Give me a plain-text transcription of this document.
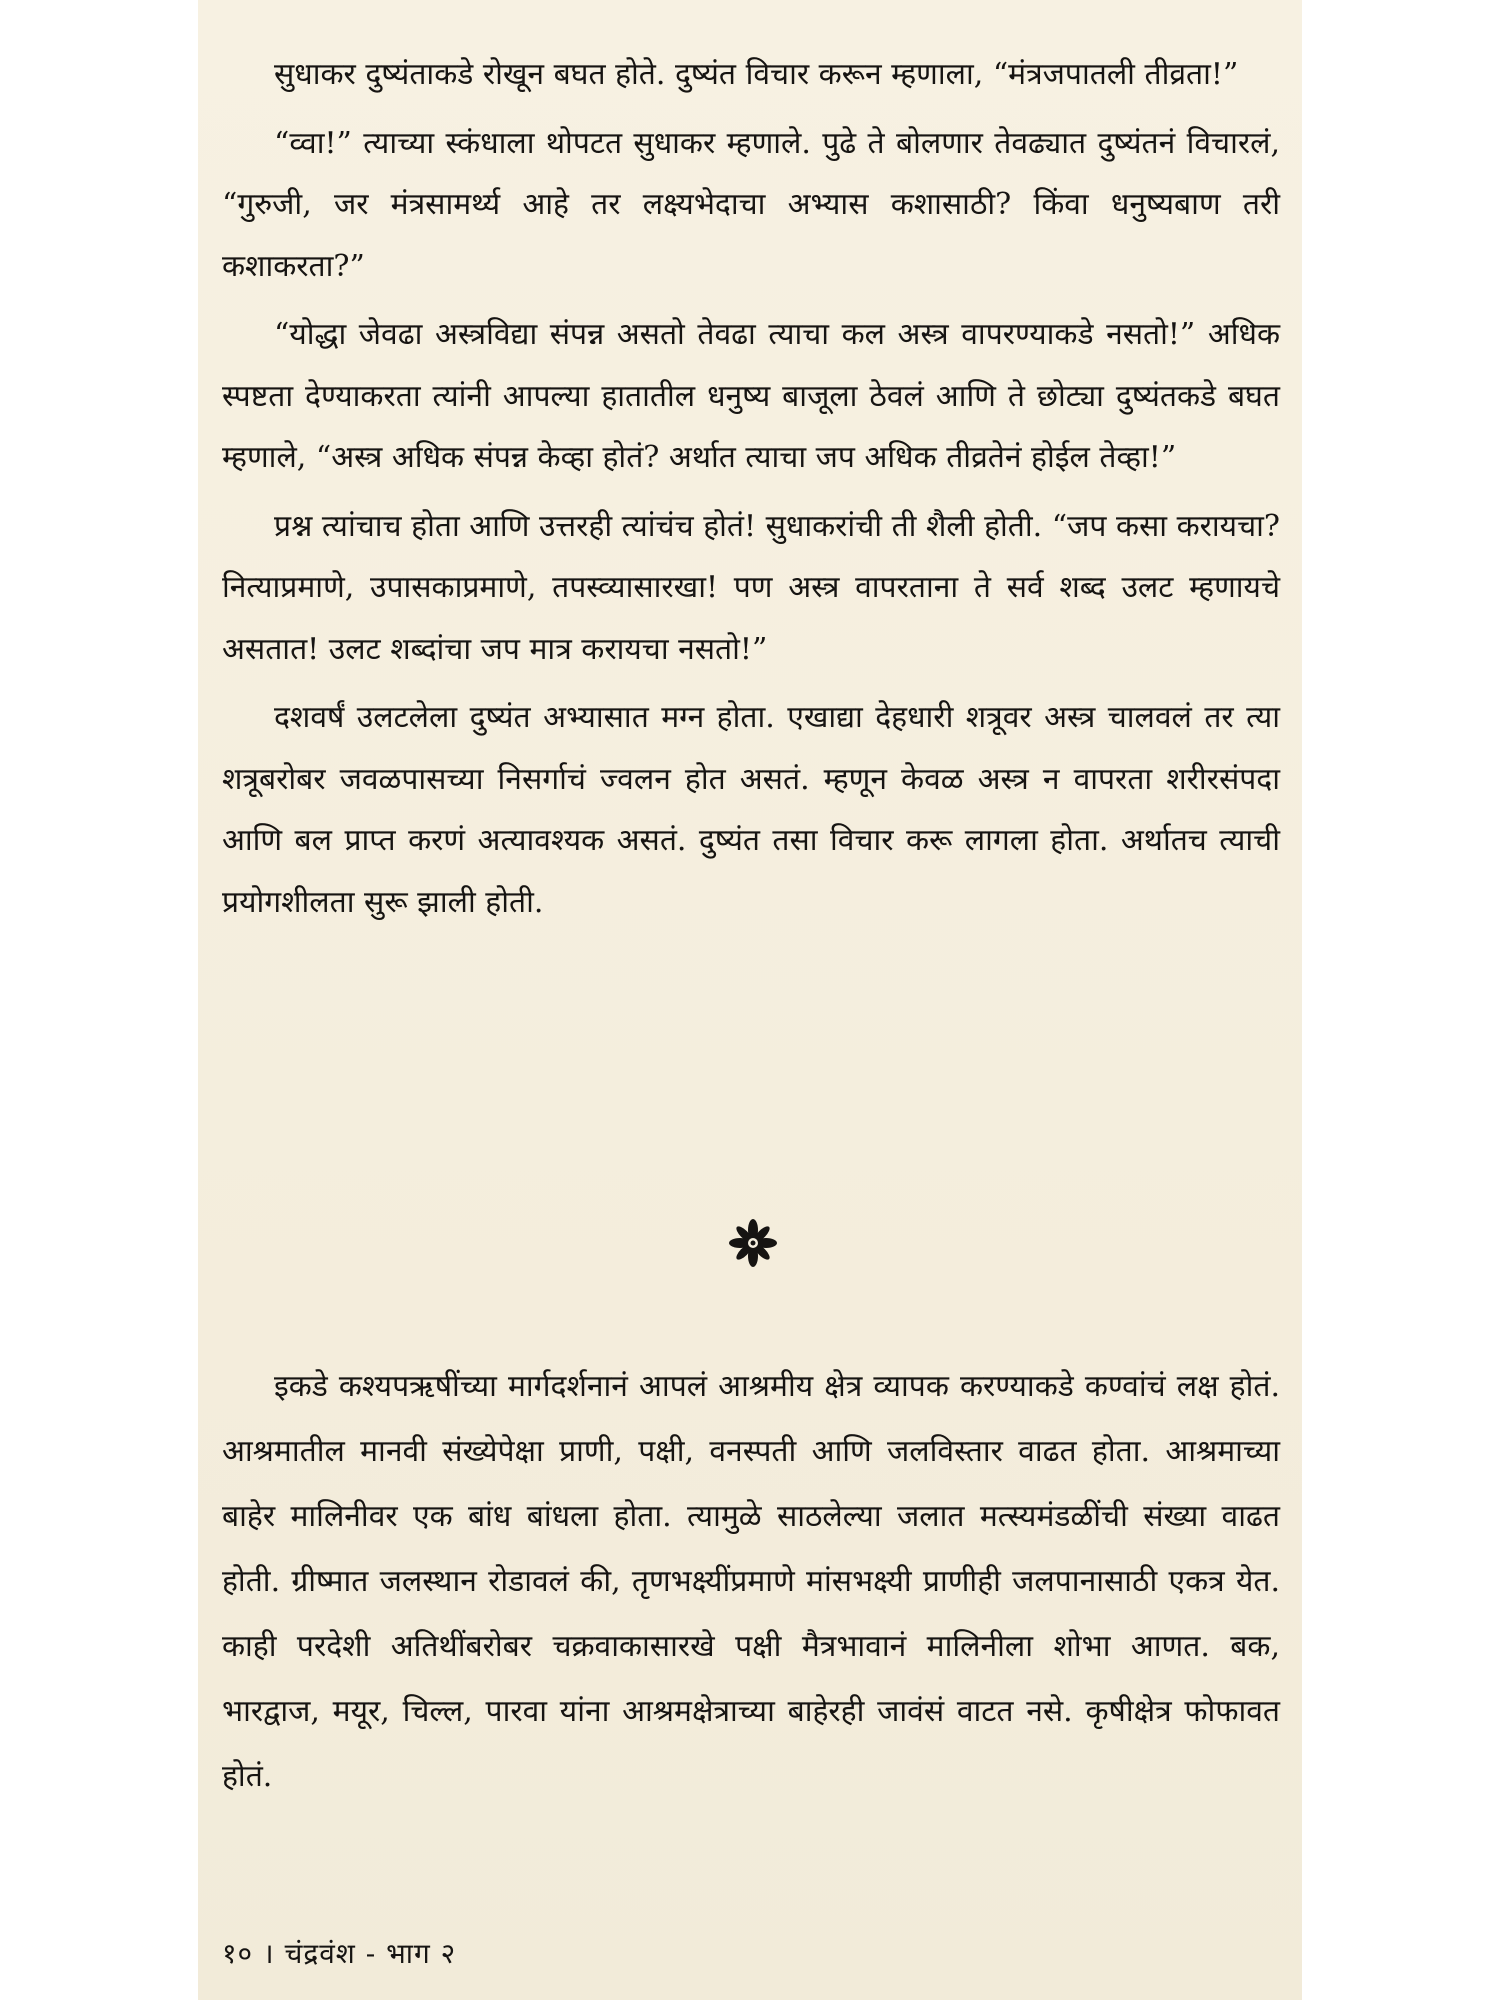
सुधाकर दुष्यंताकडे रोखून बघत होते. दुष्यंत विचार करून म्हणाला, “मंत्रजपातली तीव्रता!”

“व्वा!” त्याच्या स्कंधाला थोपटत सुधाकर म्हणाले. पुढे ते बोलणार तेवढ्यात दुष्यंतनं विचारलं, “गुरुजी, जर मंत्रसामर्थ्य आहे तर लक्ष्यभेदाचा अभ्यास कशासाठी? किंवा धनुष्यबाण तरी कशाकरता?”

“योद्धा जेवढा अस्त्रविद्या संपन्न असतो तेवढा त्याचा कल अस्त्र वापरण्याकडे नसतो!” अधिक स्पष्टता देण्याकरता त्यांनी आपल्या हातातील धनुष्य बाजूला ठेवलं आणि ते छोट्या दुष्यंतकडे बघत म्हणाले, “अस्त्र अधिक संपन्न केव्हा होतं? अर्थात त्याचा जप अधिक तीव्रतेनं होईल तेव्हा!”

प्रश्न त्यांचाच होता आणि उत्तरही त्यांचंच होतं! सुधाकरांची ती शैली होती. “जप कसा करायचा? नित्याप्रमाणे, उपासकाप्रमाणे, तपस्व्यासारखा! पण अस्त्र वापरताना ते सर्व शब्द उलट म्हणायचे असतात! उलट शब्दांचा जप मात्र करायचा नसतो!”

दशवर्षं उलटलेला दुष्यंत अभ्यासात मग्न होता. एखाद्या देहधारी शत्रूवर अस्त्र चालवलं तर त्या शत्रूबरोबर जवळपासच्या निसर्गाचं ज्वलन होत असतं. म्हणून केवळ अस्त्र न वापरता शरीरसंपदा आणि बल प्राप्त करणं अत्यावश्यक असतं. दुष्यंत तसा विचार करू लागला होता. अर्थातच त्याची प्रयोगशीलता सुरू झाली होती.

इकडे कश्यपऋषींच्या मार्गदर्शनानं आपलं आश्रमीय क्षेत्र व्यापक करण्याकडे कण्वांचं लक्ष होतं. आश्रमातील मानवी संख्येपेक्षा प्राणी, पक्षी, वनस्पती आणि जलविस्तार वाढत होता. आश्रमाच्या बाहेर मालिनीवर एक बांध बांधला होता. त्यामुळे साठलेल्या जलात मत्स्यमंडळींची संख्या वाढत होती. ग्रीष्मात जलस्थान रोडावलं की, तृणभक्ष्यींप्रमाणे मांसभक्ष्यी प्राणीही जलपानासाठी एकत्र येत. काही परदेशी अतिथींबरोबर चक्रवाकासारखे पक्षी मैत्रभावानं मालिनीला शोभा आणत. बक, भारद्वाज, मयूर, चिल्ल, पारवा यांना आश्रमक्षेत्राच्या बाहेरही जावंसं वाटत नसे. कृषीक्षेत्र फोफावत होतं.

१० । चंद्रवंश - भाग २
